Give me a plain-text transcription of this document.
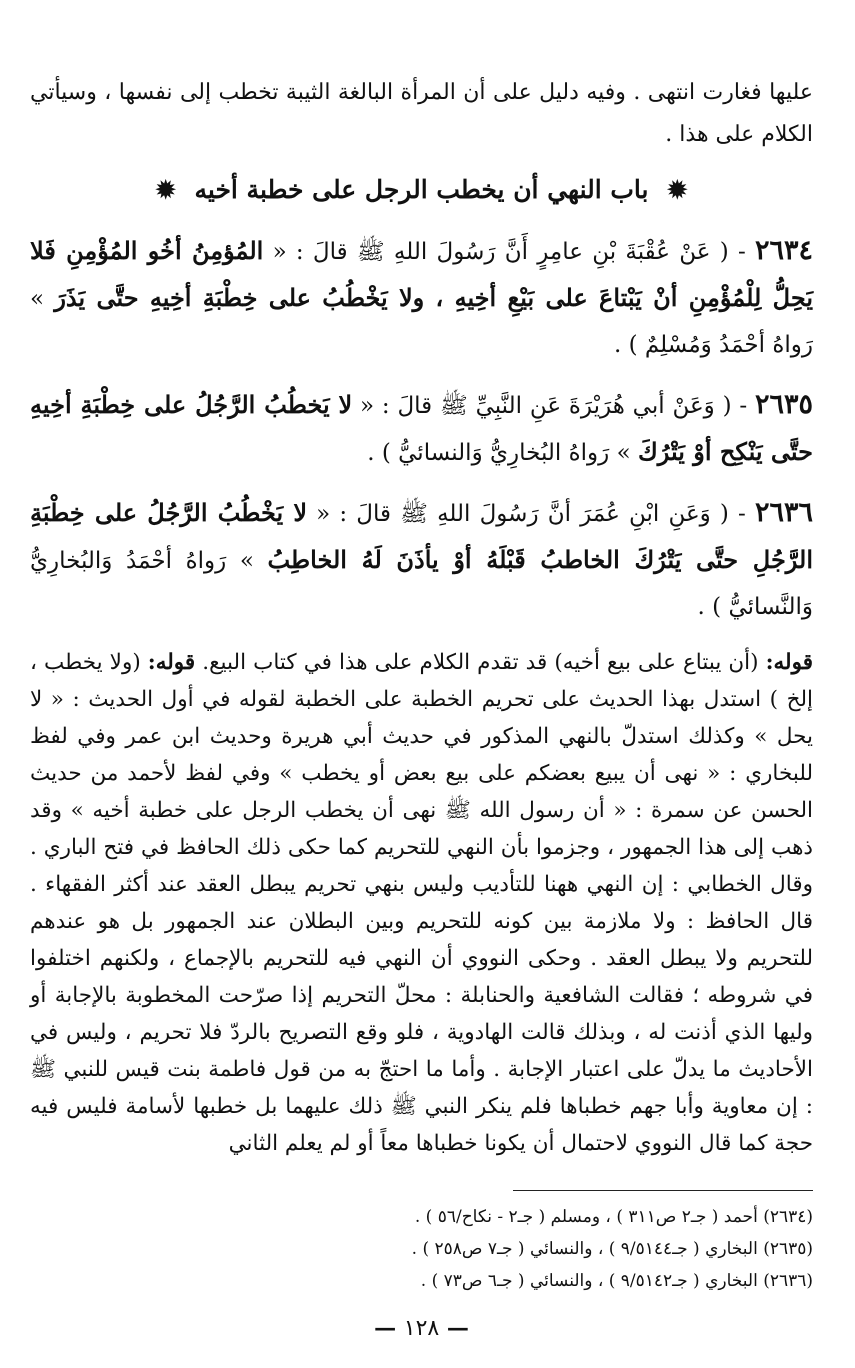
عليها فغارت انتهى . وفيه دليل على أن المرأة البالغة الثيبة تخطب إلى نفسها ، وسيأتي الكلام على هذا .

✹ باب النهي أن يخطب الرجل على خطبة أخيه ✹

٢٦٣٤ - ( عَنْ عُقْبَةَ بْنِ عامِرٍ أَنَّ رَسُولَ اللهِ ﷺ قالَ : « المُؤمِنُ أخُو المُؤْمِنِ فَلا يَحِلُّ لِلْمُؤْمِنِ أنْ يَبْتاعَ على بَيْعِ أخِيهِ ، ولا يَخْطُبُ على خِطْبَةِ أخِيهِ حتَّى يَذَرَ » رَواهُ أحْمَدُ وَمُسْلِمٌ ) .

٢٦٣٥ - ( وَعَنْ أبي هُرَيْرَةَ عَنِ النَّبِيِّ ﷺ قالَ : « لا يَخطُبُ الرَّجُلُ على خِطْبَةِ أخِيهِ حتَّى يَنْكِح أوْ يَتْرُكَ » رَواهُ البُخارِيُّ وَالنسائيُّ ) .

٢٦٣٦ - ( وَعَنِ ابْنِ عُمَرَ أنَّ رَسُولَ اللهِ ﷺ قالَ : « لا يَخْطُبُ الرَّجُلُ على خِطْبَةِ الرَّجُلِ حتَّى يَتْرُكَ الخاطبُ قَبْلَهُ أوْ يأذَنَ لَهُ الخاطِبُ » رَواهُ أحْمَدُ وَالبُخارِيُّ وَالنَّسائيُّ ) .

قوله: (أن يبتاع على بيع أخيه) قد تقدم الكلام على هذا في كتاب البيع. قوله: (ولا يخطب ، إلخ ) استدل بهذا الحديث على تحريم الخطبة على الخطبة لقوله في أول الحديث : « لا يحل » وكذلك استدلّ بالنهي المذكور في حديث أبي هريرة وحديث ابن عمر وفي لفظ للبخاري : « نهى أن يبيع بعضكم على بيع بعض أو يخطب » وفي لفظ لأحمد من حديث الحسن عن سمرة : « أن رسول الله ﷺ نهى أن يخطب الرجل على خطبة أخيه » وقد ذهب إلى هذا الجمهور ، وجزموا بأن النهي للتحريم كما حكى ذلك الحافظ في فتح الباري . وقال الخطابي : إن النهي ههنا للتأديب وليس بنهي تحريم يبطل العقد عند أكثر الفقهاء . قال الحافظ : ولا ملازمة بين كونه للتحريم وبين البطلان عند الجمهور بل هو عندهم للتحريم ولا يبطل العقد . وحكى النووي أن النهي فيه للتحريم بالإجماع ، ولكنهم اختلفوا في شروطه ؛ فقالت الشافعية والحنابلة : محلّ التحريم إذا صرّحت المخطوبة بالإجابة أو وليها الذي أذنت له ، وبذلك قالت الهادوية ، فلو وقع التصريح بالردّ فلا تحريم ، وليس في الأحاديث ما يدلّ على اعتبار الإجابة . وأما ما احتجّ به من قول فاطمة بنت قيس للنبي ﷺ : إن معاوية وأبا جهم خطباها فلم ينكر النبي ﷺ ذلك عليهما بل خطبها لأسامة فليس فيه حجة كما قال النووي لاحتمال أن يكونا خطباها معاً أو لم يعلم الثاني

(٢٦٣٤) أحمد ( جـ٢ ص٣١١ ) ، ومسلم ( جـ٢ - نكاح/٥٦ ) .

(٢٦٣٥) البخاري ( جـ٩/٥١٤٤ ) ، والنسائي ( جـ٧ ص٢٥٨ ) .

(٢٦٣٦) البخاري ( جـ٩/٥١٤٢ ) ، والنسائي ( جـ٦ ص٧٣ ) .

— ١٢٨ —
